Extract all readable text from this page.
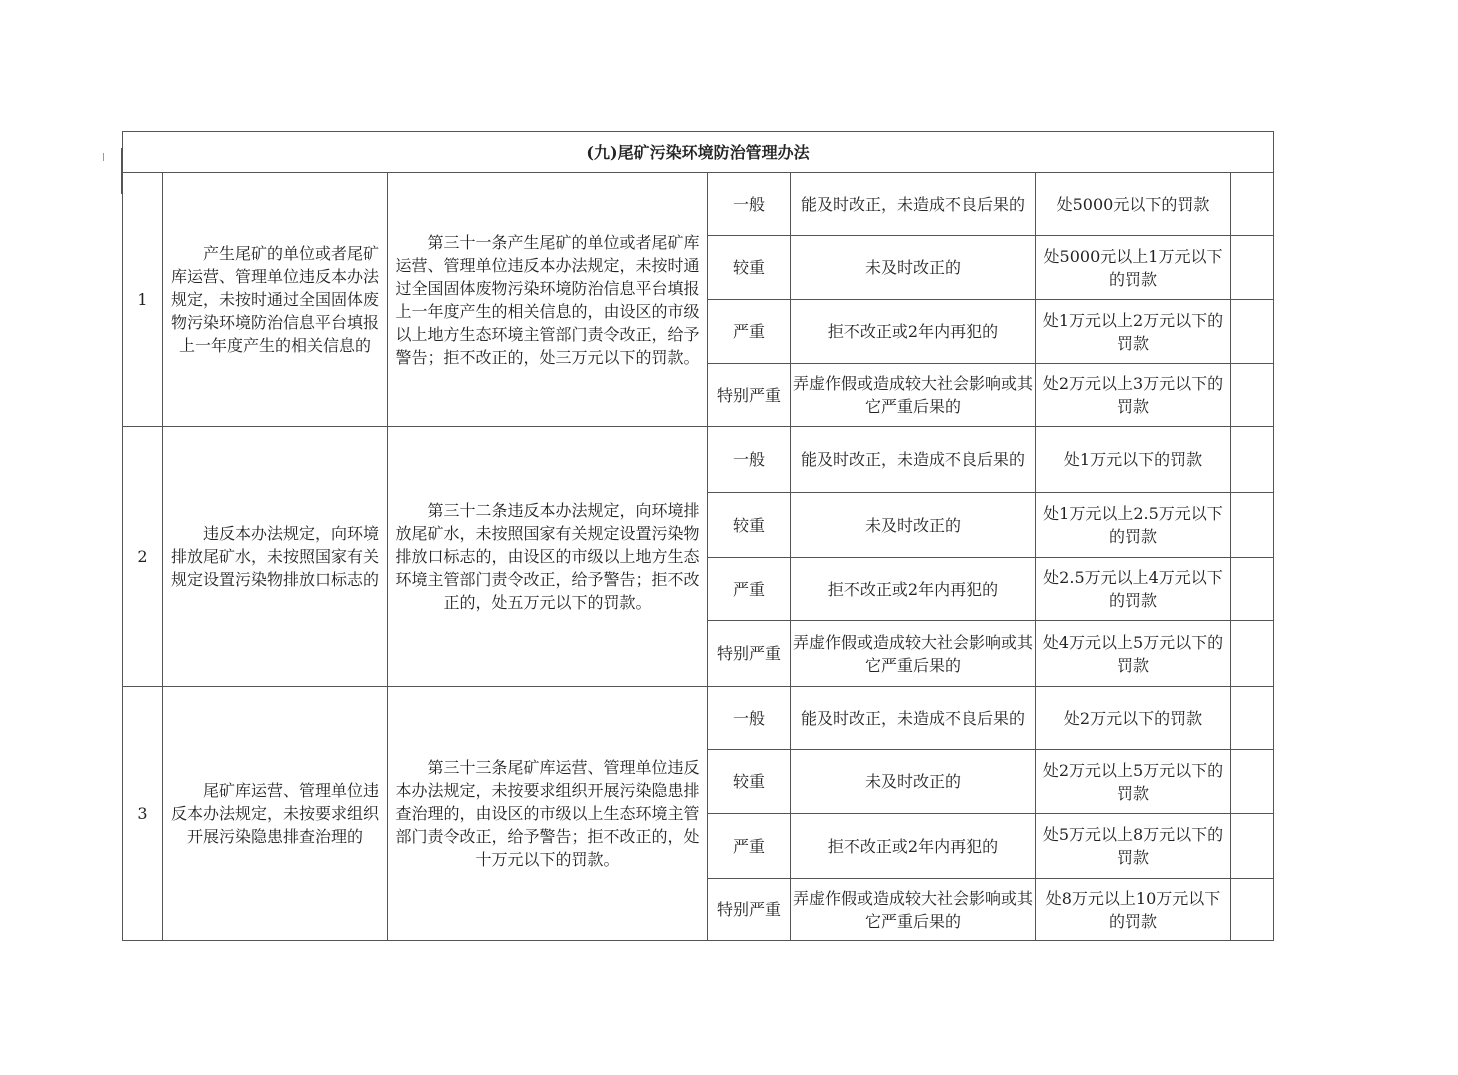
(九)尾矿污染环境防治管理办法						
1	产生尾矿的单位或者尾矿库运营、管理单位违反本办法规定，未按时通过全国固体废物污染环境防治信息平台填报上一年度产生的相关信息的	第三十一条产生尾矿的单位或者尾矿库运营、管理单位违反本办法规定，未按时通过全国固体废物污染环境防治信息平台填报上一年度产生的相关信息的，由设区的市级以上地方生态环境主管部门责令改正，给予警告；拒不改正的，处三万元以下的罚款。	一般	能及时改正，未造成不良后果的	处5000元以下的罚款	
			较重	未及时改正的	处5000元以上1万元以下的罚款	
			严重	拒不改正或2年内再犯的	处1万元以上2万元以下的罚款	
			特别严重	弄虚作假或造成较大社会影响或其它严重后果的	处2万元以上3万元以下的罚款	
2	违反本办法规定，向环境排放尾矿水，未按照国家有关规定设置污染物排放口标志的	第三十二条违反本办法规定，向环境排放尾矿水，未按照国家有关规定设置污染物排放口标志的，由设区的市级以上地方生态环境主管部门责令改正，给予警告；拒不改正的，处五万元以下的罚款。	一般	能及时改正，未造成不良后果的	处1万元以下的罚款	
			较重	未及时改正的	处1万元以上2.5万元以下的罚款	
			严重	拒不改正或2年内再犯的	处2.5万元以上4万元以下的罚款	
			特别严重	弄虚作假或造成较大社会影响或其它严重后果的	处4万元以上5万元以下的罚款	
3	尾矿库运营、管理单位违反本办法规定，未按要求组织开展污染隐患排查治理的	第三十三条尾矿库运营、管理单位违反本办法规定，未按要求组织开展污染隐患排查治理的，由设区的市级以上生态环境主管部门责令改正，给予警告；拒不改正的，处十万元以下的罚款。	一般	能及时改正，未造成不良后果的	处2万元以下的罚款	
			较重	未及时改正的	处2万元以上5万元以下的罚款	
			严重	拒不改正或2年内再犯的	处5万元以上8万元以下的罚款	
			特别严重	弄虚作假或造成较大社会影响或其它严重后果的	处8万元以上10万元以下的罚款	
